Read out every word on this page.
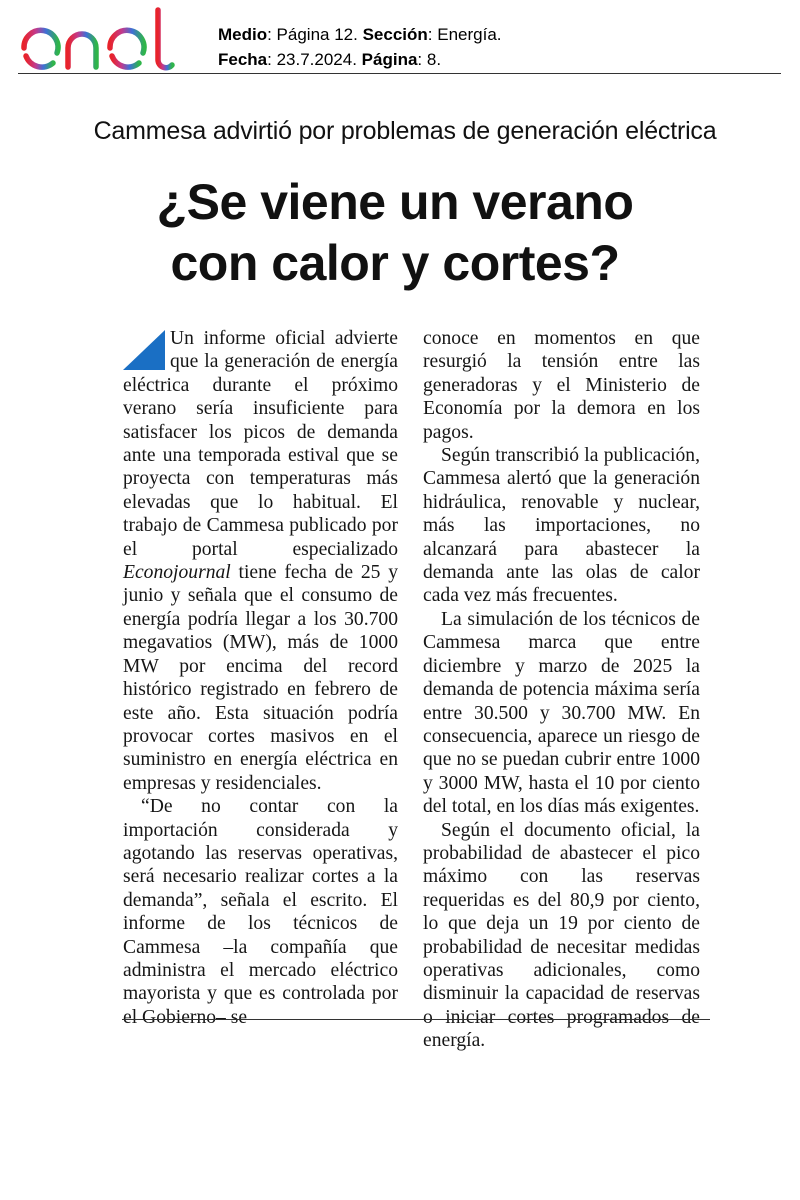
Medio: Página 12. Sección: Energía.
Fecha: 23.7.2024. Página: 8.
Cammesa advirtió por problemas de generación eléctrica
¿Se viene un verano
con calor y cortes?

Un informe oficial advierte que la generación de energía eléctrica durante el próximo verano sería insuficiente para satisfacer los picos de demanda ante una temporada estival que se proyecta con temperaturas más elevadas que lo habitual. El trabajo de Cammesa publicado por el portal especializado Econojournal tiene fecha de 25 y junio y señala que el consumo de energía podría llegar a los 30.700 megavatios (MW), más de 1000 MW por encima del record histórico registrado en febrero de este año. Esta situación podría provocar cortes masivos en el suministro en energía eléctrica en empresas y residenciales.

“De no contar con la importación considerada y agotando las reservas operativas, será necesario realizar cortes a la demanda”, señala el escrito. El informe de los técnicos de Cammesa –la compañía que administra el mercado eléctrico mayorista y que es controlada por el Gobierno– se

conoce en momentos en que resurgió la tensión entre las generadoras y el Ministerio de Economía por la demora en los pagos.

Según transcribió la publicación, Cammesa alertó que la generación hidráulica, renovable y nuclear, más las importaciones, no alcanzará para abastecer la demanda ante las olas de calor cada vez más frecuentes.

La simulación de los técnicos de Cammesa marca que entre diciembre y marzo de 2025 la demanda de potencia máxima sería entre 30.500 y 30.700 MW. En consecuencia, aparece un riesgo de que no se puedan cubrir entre 1000 y 3000 MW, hasta el 10 por ciento del total, en los días más exigentes.

Según el documento oficial, la probabilidad de abastecer el pico máximo con las reservas requeridas es del 80,9 por ciento, lo que deja un 19 por ciento de probabilidad de necesitar medidas operativas adicionales, como disminuir la capacidad de reservas o iniciar cortes programados de energía.
